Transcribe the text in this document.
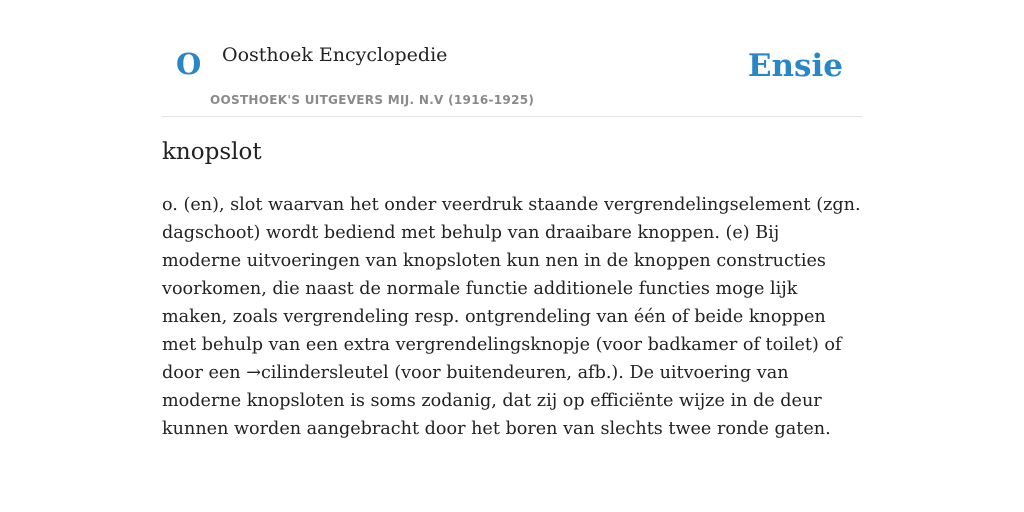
O Oosthoek Encyclopedie
OOSTHOEK'S UITGEVERS MIJ. N.V (1916-1925)
Ensie
knopslot

o. (en), slot waarvan het onder veerdruk staande vergrendelingselement (zgn. dagschoot) wordt bediend met behulp van draaibare knoppen. (e) Bij moderne uitvoeringen van knopsloten kun nen in de knoppen constructies voorkomen, die naast de normale functie additionele functies moge lijk maken, zoals vergrendeling resp. ontgrendeling van één of beide knoppen met behulp van een extra vergrendelingsknopje (voor badkamer of toilet) of door een →cilindersleutel (voor buitendeuren, afb.). De uitvoering van moderne knopsloten is soms zodanig, dat zij op efficiënte wijze in de deur kunnen worden aangebracht door het boren van slechts twee ronde gaten.
